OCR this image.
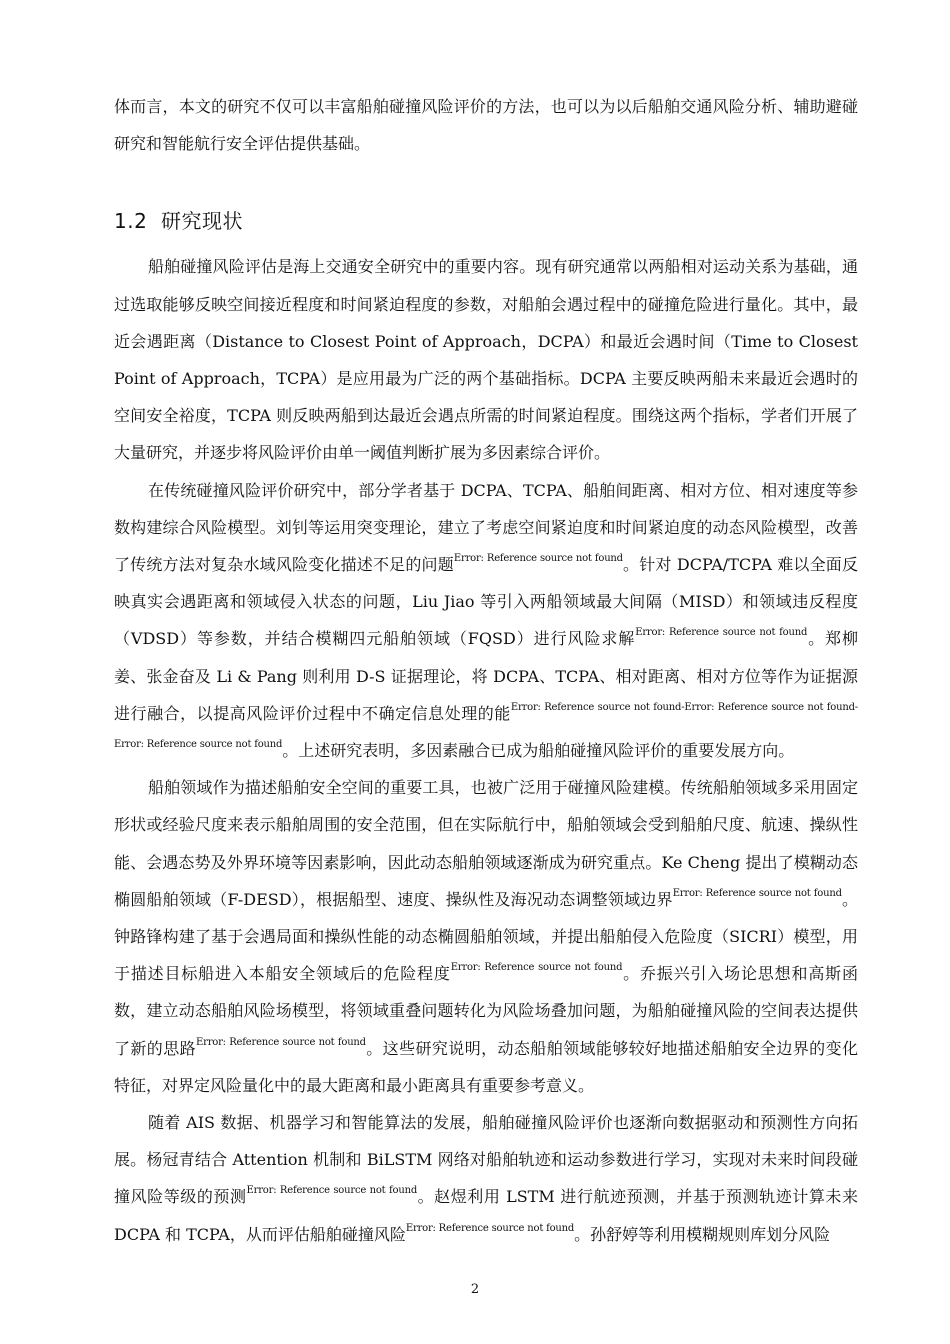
体而言，本文的研究不仅可以丰富船舶碰撞风险评价的方法，也可以为以后船舶交通风险分析、辅助避碰研究和智能航行安全评估提供基础。

1.2 研究现状

船舶碰撞风险评估是海上交通安全研究中的重要内容。现有研究通常以两船相对运动关系为基础，通过选取能够反映空间接近程度和时间紧迫程度的参数，对船舶会遇过程中的碰撞危险进行量化。其中，最近会遇距离（Distance to Closest Point of Approach，DCPA）和最近会遇时间（Time to Closest Point of Approach，TCPA）是应用最为广泛的两个基础指标。DCPA 主要反映两船未来最近会遇时的空间安全裕度，TCPA 则反映两船到达最近会遇点所需的时间紧迫程度。围绕这两个指标，学者们开展了大量研究，并逐步将风险评价由单一阈值判断扩展为多因素综合评价。

在传统碰撞风险评价研究中，部分学者基于 DCPA、TCPA、船舶间距离、相对方位、相对速度等参数构建综合风险模型。刘钊等运用突变理论，建立了考虑空间紧迫度和时间紧迫度的动态风险模型，改善了传统方法对复杂水域风险变化描述不足的问题$^{Error: Reference source not found}$。针对 DCPA/TCPA 难以全面反映真实会遇距离和领域侵入状态的问题，Liu Jiao 等引入两船领域最大间隔（MISD）和领域违反程度（VDSD）等参数，并结合模糊四元船舶领域（FQSD）进行风险求解$^{Error: Reference source not found}$。郑柳姜、张金奋及 Li & Pang 则利用 D-S 证据理论，将 DCPA、TCPA、相对距离、相对方位等作为证据源进行融合，以提高风险评价过程中不确定信息处理的能$^{Error: Reference source not found-Error: Reference source not found-Error: Reference source not found}$。上述研究表明，多因素融合已成为船舶碰撞风险评价的重要发展方向。

船舶领域作为描述船舶安全空间的重要工具，也被广泛用于碰撞风险建模。传统船舶领域多采用固定形状或经验尺度来表示船舶周围的安全范围，但在实际航行中，船舶领域会受到船舶尺度、航速、操纵性能、会遇态势及外界环境等因素影响，因此动态船舶领域逐渐成为研究重点。Ke Cheng 提出了模糊动态椭圆船舶领域（F-DESD），根据船型、速度、操纵性及海况动态调整领域边界$^{Error: Reference source not found}$。钟路锋构建了基于会遇局面和操纵性能的动态椭圆船舶领域，并提出船舶侵入危险度（SICRI）模型，用于描述目标船进入本船安全领域后的危险程度$^{Error: Reference source not found}$。乔振兴引入场论思想和高斯函数，建立动态船舶风险场模型，将领域重叠问题转化为风险场叠加问题，为船舶碰撞风险的空间表达提供了新的思路$^{Error: Reference source not found}$。这些研究说明，动态船舶领域能够较好地描述船舶安全边界的变化特征，对界定风险量化中的最大距离和最小距离具有重要参考意义。

随着 AIS 数据、机器学习和智能算法的发展，船舶碰撞风险评价也逐渐向数据驱动和预测性方向拓展。杨冠青结合 Attention 机制和 BiLSTM 网络对船舶轨迹和运动参数进行学习，实现对未来时间段碰撞风险等级的预测$^{Error: Reference source not found}$。赵煜利用 LSTM 进行航迹预测，并基于预测轨迹计算未来 DCPA 和 TCPA，从而评估船舶碰撞风险$^{Error: Reference source not found}$。孙舒婷等利用模糊规则库划分风险

2
